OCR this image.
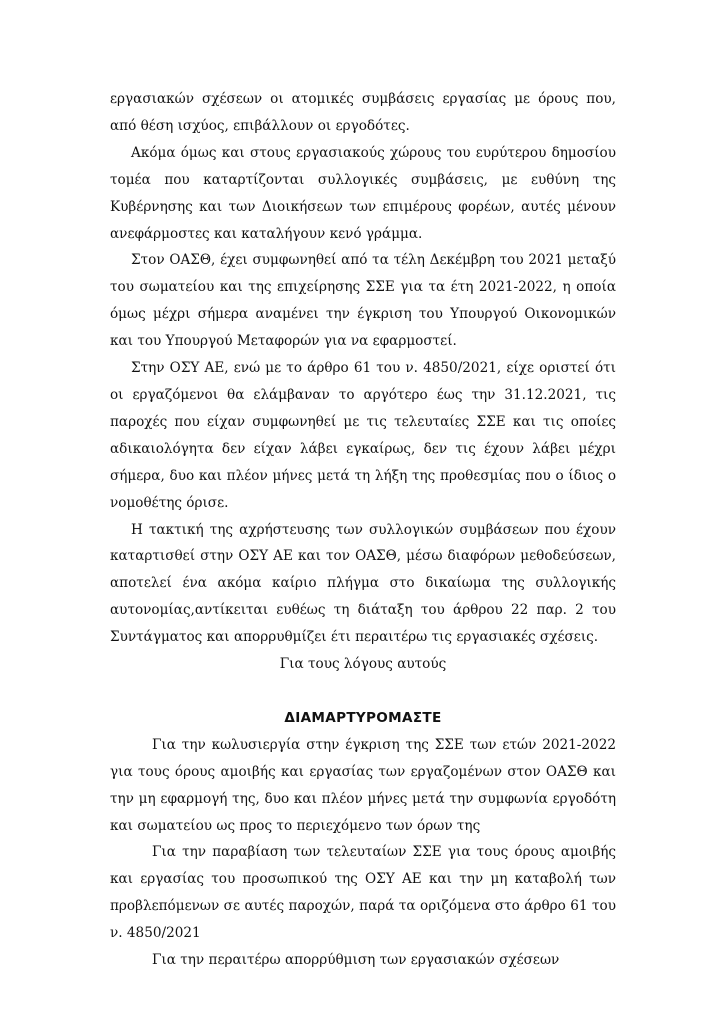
εργασιακών σχέσεων οι ατομικές συμβάσεις εργασίας με όρους που, από θέση ισχύος, επιβάλλουν οι εργοδότες.

Ακόμα όμως και στους εργασιακούς χώρους του ευρύτερου δημοσίου τομέα που καταρτίζονται συλλογικές συμβάσεις, με ευθύνη της Κυβέρνησης και των Διοικήσεων των επιμέρους φορέων, αυτές μένουν ανεφάρμοστες και καταλήγουν κενό γράμμα.

Στον ΟΑΣΘ, έχει συμφωνηθεί από τα τέλη Δεκέμβρη του 2021 μεταξύ του σωματείου και της επιχείρησης ΣΣΕ για τα έτη 2021-2022, η οποία όμως μέχρι σήμερα αναμένει την έγκριση του Υπουργού Οικονομικών και του Υπουργού Μεταφορών για να εφαρμοστεί.

Στην ΟΣΥ ΑΕ, ενώ με το άρθρο 61 του ν. 4850/2021, είχε οριστεί ότι οι εργαζόμενοι θα ελάμβαναν το αργότερο έως την 31.12.2021, τις παροχές που είχαν συμφωνηθεί με τις τελευταίες ΣΣΕ και τις οποίες αδικαιολόγητα δεν είχαν λάβει εγκαίρως, δεν τις έχουν λάβει μέχρι σήμερα, δυο και πλέον μήνες μετά τη λήξη της προθεσμίας που ο ίδιος ο νομοθέτης όρισε.

Η τακτική της αχρήστευσης των συλλογικών συμβάσεων που έχουν καταρτισθεί στην ΟΣΥ ΑΕ και τον ΟΑΣΘ, μέσω διαφόρων μεθοδεύσεων, αποτελεί ένα ακόμα καίριο πλήγμα στο δικαίωμα της συλλογικής αυτονομίας,αντίκειται ευθέως τη διάταξη του άρθρου 22 παρ. 2 του Συντάγματος και απορρυθμίζει έτι περαιτέρω τις εργασιακές σχέσεις.

Για τους λόγους αυτούς

ΔΙΑΜΑΡΤΥΡΟΜΑΣΤΕ

Για την κωλυσιεργία στην έγκριση της ΣΣΕ των ετών 2021-2022 για τους όρους αμοιβής και εργασίας των εργαζομένων στον ΟΑΣΘ και την μη εφαρμογή της, δυο και πλέον μήνες μετά την συμφωνία εργοδότη και σωματείου ως προς το περιεχόμενο των όρων της

Για την παραβίαση των τελευταίων ΣΣΕ για τους όρους αμοιβής και εργασίας του προσωπικού της ΟΣΥ ΑΕ και την μη καταβολή των προβλεπόμενων σε αυτές παροχών, παρά τα οριζόμενα στο άρθρο 61 του ν. 4850/2021

Για την περαιτέρω απορρύθμιση των εργασιακών σχέσεων
